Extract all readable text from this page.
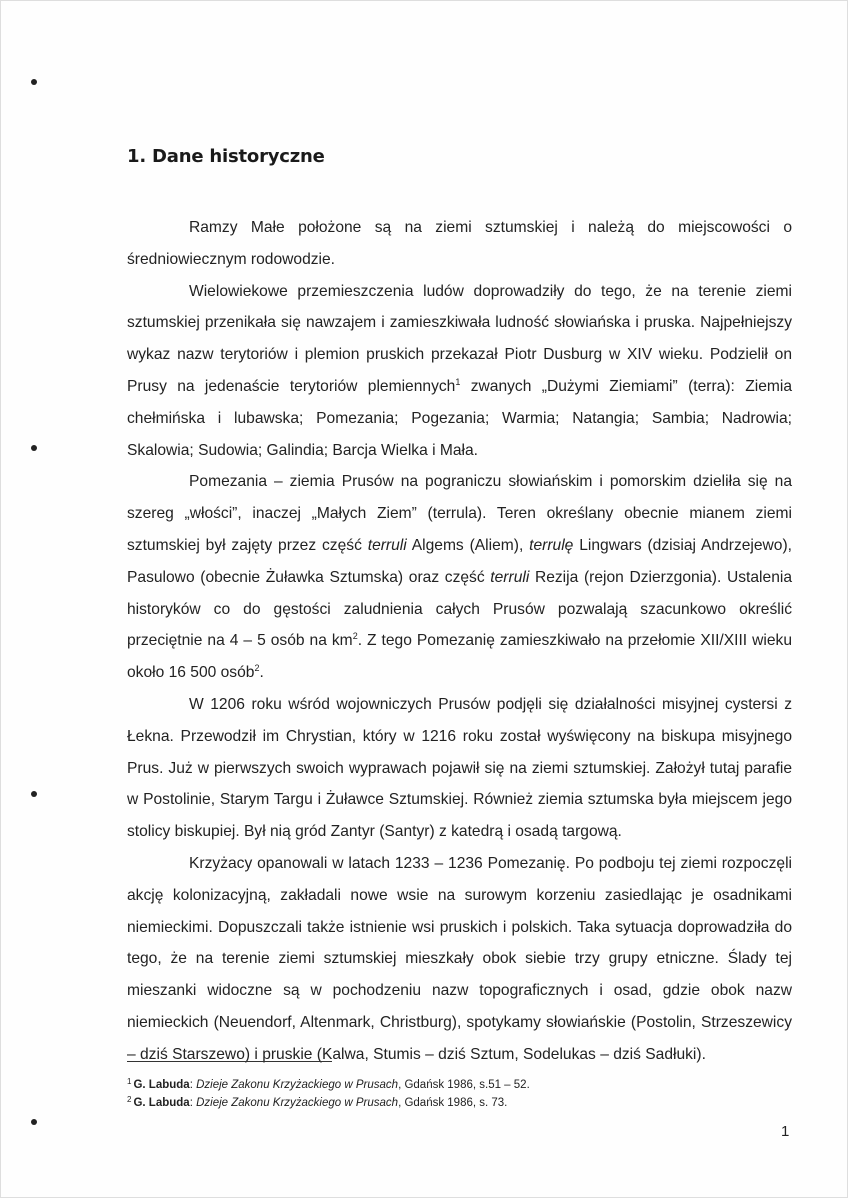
1. Dane historyczne

Ramzy Małe położone są na ziemi sztumskiej i należą do miejscowości o średniowiecznym rodowodzie.

Wielowiekowe przemieszczenia ludów doprowadziły do tego, że na terenie ziemi sztumskiej przenikała się nawzajem i zamieszkiwała ludność słowiańska i pruska. Najpełniejszy wykaz nazw terytoriów i plemion pruskich przekazał Piotr Dusburg w XIV wieku. Podzielił on Prusy na jedenaście terytoriów plemiennych$^1$ zwanych „Dużymi Ziemiami” (terra): Ziemia chełmińska i lubawska; Pomezania; Pogezania; Warmia; Natangia; Sambia; Nadrowia; Skalowia; Sudowia; Galindia; Barcja Wielka i Mała.

Pomezania – ziemia Prusów na pograniczu słowiańskim i pomorskim dzieliła się na szereg „włości”, inaczej „Małych Ziem” (terrula). Teren określany obecnie mianem ziemi sztumskiej był zajęty przez część terruli Algems (Aliem), terrulę Lingwars (dzisiaj Andrzejewo), Pasulowo (obecnie Żuławka Sztumska) oraz część terruli Rezija (rejon Dzierzgonia). Ustalenia historyków co do gęstości zaludnienia całych Prusów pozwalają szacunkowo określić przeciętnie na 4 – 5 osób na $km^2$. Z tego Pomezanię zamieszkiwało na przełomie XII/XIII wieku około 16 500 osób$^2$.

W 1206 roku wśród wojowniczych Prusów podjęli się działalności misyjnej cystersi z Łekna. Przewodził im Chrystian, który w 1216 roku został wyświęcony na biskupa misyjnego Prus. Już w pierwszych swoich wyprawach pojawił się na ziemi sztumskiej. Założył tutaj parafie w Postolinie, Starym Targu i Żuławce Sztumskiej. Również ziemia sztumska była miejscem jego stolicy biskupiej. Był nią gród Zantyr (Santyr) z katedrą i osadą targową.

Krzyżacy opanowali w latach 1233 – 1236 Pomezanię. Po podboju tej ziemi rozpoczęli akcję kolonizacyjną, zakładali nowe wsie na surowym korzeniu zasiedlając je osadnikami niemieckimi. Dopuszczali także istnienie wsi pruskich i polskich. Taka sytuacja doprowadziła do tego, że na terenie ziemi sztumskiej mieszkały obok siebie trzy grupy etniczne. Ślady tej mieszanki widoczne są w pochodzeniu nazw topograficznych i osad, gdzie obok nazw niemieckich (Neuendorf, Altenmark, Christburg), spotykamy słowiańskie (Postolin, Strzeszewicy – dziś Starszewo) i pruskie (Kalwa, Stumis – dziś Sztum, Sodelukas – dziś Sadłuki).

$^1$ G. Labuda: Dzieje Zakonu Krzyżackiego w Prusach, Gdańsk 1986, s.51 – 52.

$^2$ G. Labuda: Dzieje Zakonu Krzyżackiego w Prusach, Gdańsk 1986, s. 73.

1
